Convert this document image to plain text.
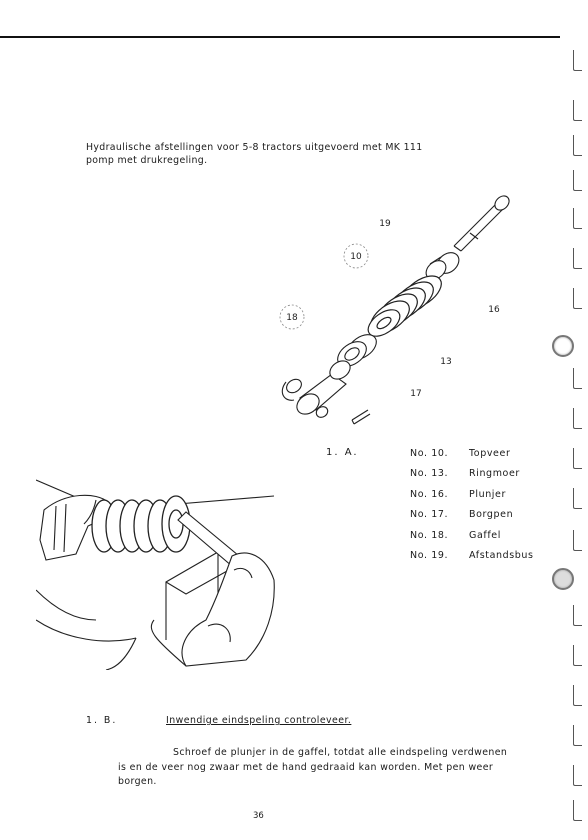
Hydraulische afstellingen voor 5-8 tractors uitgevoerd met MK 111
pomp met drukregeling.
19
10
16
18
13
17
1. A.	No. 10.	Topveer
No. 13.	Ringmoer
No. 16.	Plunjer
No. 17.	Borgpen
No. 18.	Gaffel
No. 19.	Afstandsbus
1. B.	Inwendige eindspeling controleveer.
Schroef de plunjer in de gaffel, totdat alle eindspeling verdwenen
is en de veer nog zwaar met de hand gedraaid kan worden. Met pen weer
borgen.
36
